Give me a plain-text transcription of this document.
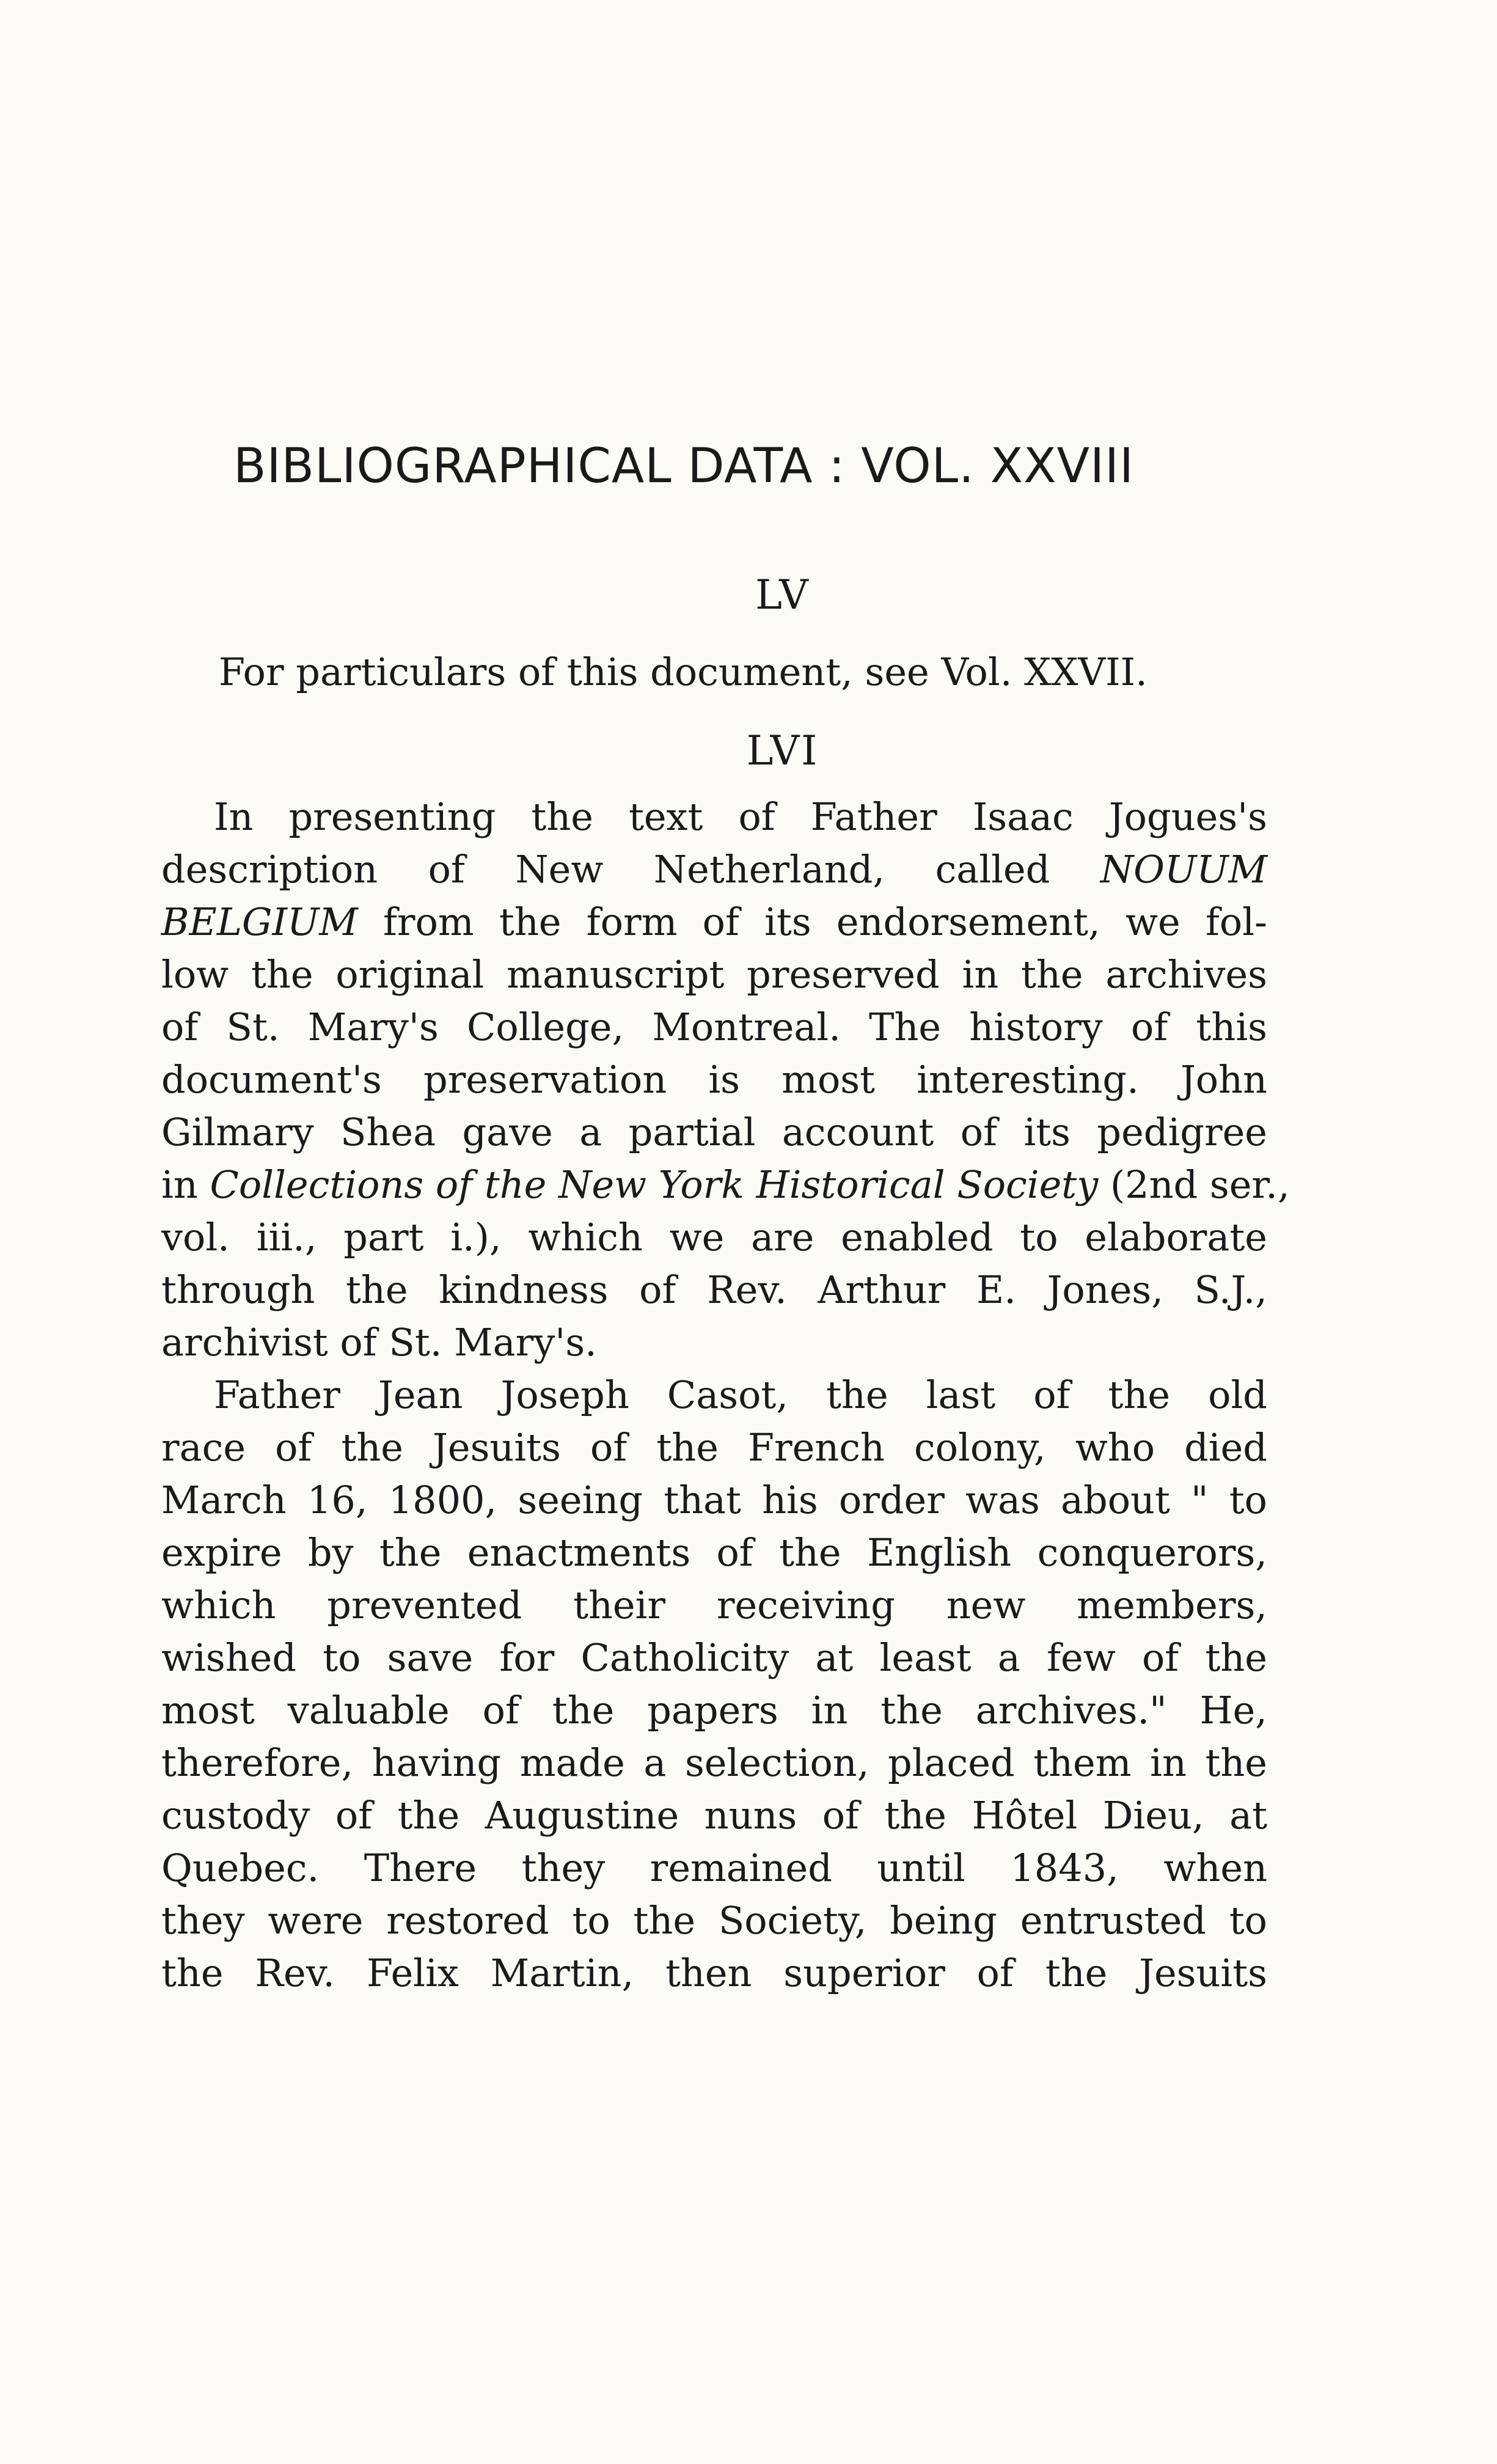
BIBLIOGRAPHICAL DATA : VOL. XXVIII
LV
For particulars of this document, see Vol. XXVII.
LVI
In presenting the text of Father Isaac Jogues's
description of New Netherland, called NOUUM
BELGIUM from the form of its endorsement, we fol-
low the original manuscript preserved in the archives
of St. Mary's College, Montreal. The history of this
document's preservation is most interesting. John
Gilmary Shea gave a partial account of its pedigree
in Collections of the New York Historical Society (2nd ser.,
vol. iii., part i.), which we are enabled to elaborate
through the kindness of Rev. Arthur E. Jones, S.J.,
archivist of St. Mary's.
Father Jean Joseph Casot, the last of the old
race of the Jesuits of the French colony, who died
March 16, 1800, seeing that his order was about " to
expire by the enactments of the English conquerors,
which prevented their receiving new members,
wished to save for Catholicity at least a few of the
most valuable of the papers in the archives." He,
therefore, having made a selection, placed them in the
custody of the Augustine nuns of the Hôtel Dieu, at
Quebec. There they remained until 1843, when
they were restored to the Society, being entrusted to
the Rev. Felix Martin, then superior of the Jesuits
